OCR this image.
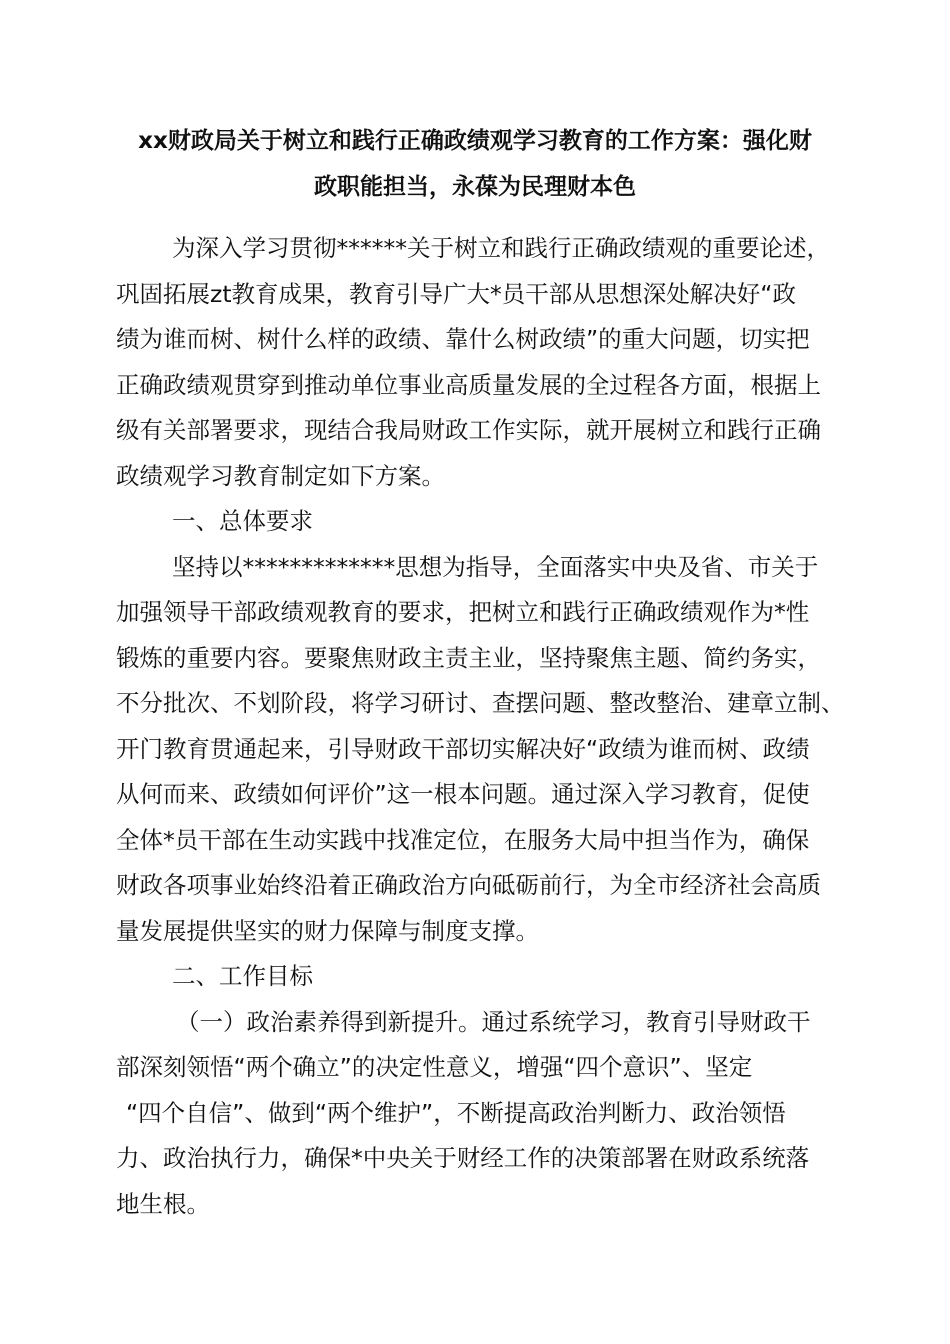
xx财政局关于树立和践行正确政绩观学习教育的工作方案：强化财
政职能担当，永葆为民理财本色
为深入学习贯彻******关于树立和践行正确政绩观的重要论述，
巩固拓展zt教育成果，教育引导广大*员干部从思想深处解决好“政
绩为谁而树、树什么样的政绩、靠什么树政绩”的重大问题，切实把
正确政绩观贯穿到推动单位事业高质量发展的全过程各方面，根据上
级有关部署要求，现结合我局财政工作实际，就开展树立和践行正确
政绩观学习教育制定如下方案。
一、总体要求
坚持以*************思想为指导，全面落实中央及省、市关于
加强领导干部政绩观教育的要求，把树立和践行正确政绩观作为*性
锻炼的重要内容。要聚焦财政主责主业，坚持聚焦主题、简约务实，
不分批次、不划阶段，将学习研讨、查摆问题、整改整治、建章立制、
开门教育贯通起来，引导财政干部切实解决好“政绩为谁而树、政绩
从何而来、政绩如何评价”这一根本问题。通过深入学习教育，促使
全体*员干部在生动实践中找准定位，在服务大局中担当作为，确保
财政各项事业始终沿着正确政治方向砥砺前行，为全市经济社会高质
量发展提供坚实的财力保障与制度支撑。
二、工作目标
（一）政治素养得到新提升。通过系统学习，教育引导财政干
部深刻领悟“两个确立”的决定性意义，增强“四个意识”、坚定
“四个自信”、做到“两个维护”，不断提高政治判断力、政治领悟
力、政治执行力，确保*中央关于财经工作的决策部署在财政系统落
地生根。
